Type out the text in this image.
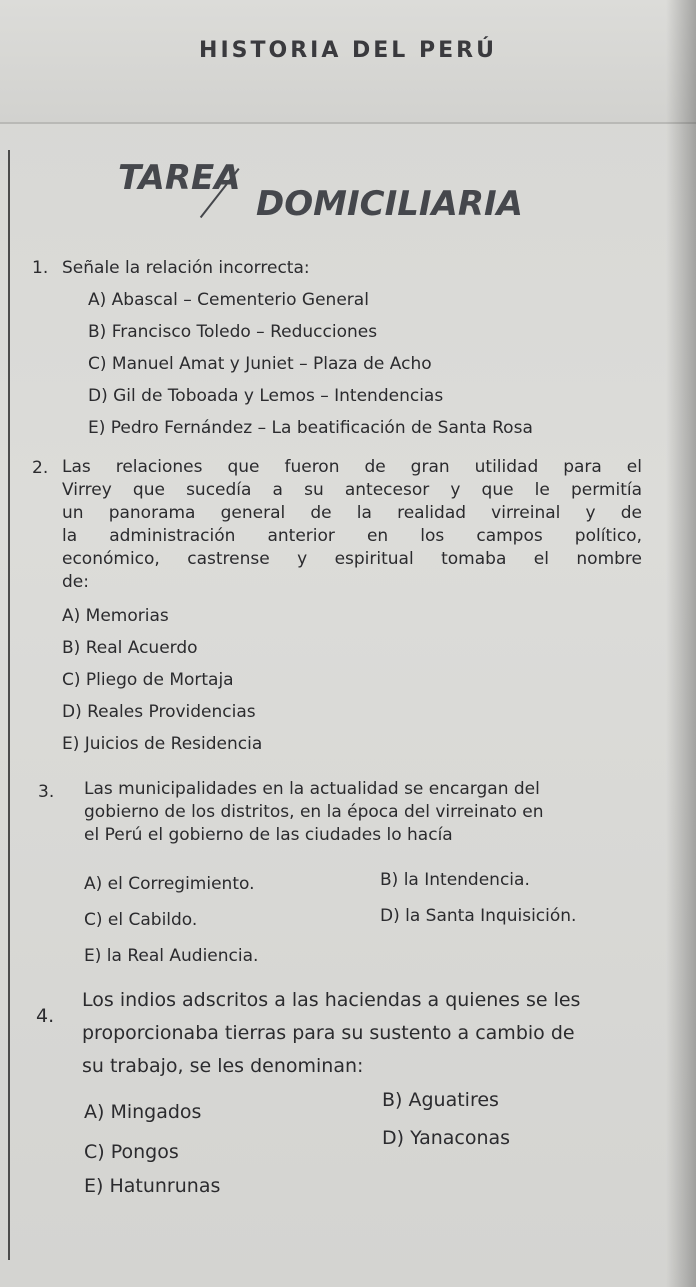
HISTORIA DEL PERÚ
TAREA
DOMICILIARIA
1. Señale la relación incorrecta:
A) Abascal – Cementerio General
B) Francisco Toledo – Reducciones
C) Manuel Amat y Juniet – Plaza de Acho
D) Gil de Toboada y Lemos – Intendencias
E) Pedro Fernández – La beatificación de Santa Rosa
2. Las relaciones que fueron de gran utilidad para el
Virrey que sucedía a su antecesor y que le permitía
un panorama general de la realidad virreinal y de
la administración anterior en los campos político,
económico, castrense y espiritual tomaba el nombre
de:
A) Memorias
B) Real Acuerdo
C) Pliego de Mortaja
D) Reales Providencias
E) Juicios de Residencia
3. Las municipalidades en la actualidad se encargan del
gobierno de los distritos, en la época del virreinato en
el Perú el gobierno de las ciudades lo hacía
A) el Corregimiento.	B) la Intendencia.
C) el Cabildo.	D) la Santa Inquisición.
E) la Real Audiencia.
4.
Los indios adscritos a las haciendas a quienes se les
proporcionaba tierras para su sustento a cambio de
su trabajo, se les denominan:
A) Mingados
B) Aguatires
C) Pongos
D) Yanaconas
E) Hatunrunas
